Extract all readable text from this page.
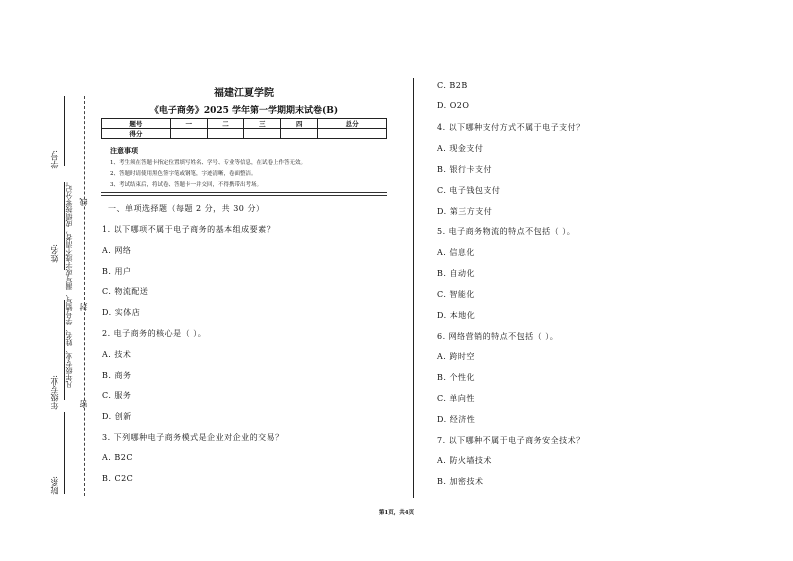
学号:
姓名:
年级专业:
院系:
凡年级专业、姓名、学号错写、漏写或字迹不清者，成绩按零分记。
密
封
线
福建江夏学院
《电子商务》2025 学年第一学期期末试卷(B)
题号	一	二	三	四	总分
得分					
注意事项
1、考生须在答题卡指定位置填写姓名、学号、专业等信息，在试卷上作答无效。
2、答题时请使用黑色签字笔或钢笔，字迹清晰，卷面整洁。
3、考试结束后，将试卷、答题卡一并交回，不得携带出考场。
一、单项选择题（每题 2 分，共 30 分）
1. 以下哪项不属于电子商务的基本组成要素？
A. 网络
B. 用户
C. 物流配送
D. 实体店
2. 电子商务的核心是（ ）。
A. 技术
B. 商务
C. 服务
D. 创新
3. 下列哪种电子商务模式是企业对企业的交易？
A. B2C
B. C2C
C. B2B
D. O2O
4. 以下哪种支付方式不属于电子支付？
A. 现金支付
B. 银行卡支付
C. 电子钱包支付
D. 第三方支付
5. 电子商务物流的特点不包括（ ）。
A. 信息化
B. 自动化
C. 智能化
D. 本地化
6. 网络营销的特点不包括（ ）。
A. 跨时空
B. 个性化
C. 单向性
D. 经济性
7. 以下哪种不属于电子商务安全技术？
A. 防火墙技术
B. 加密技术
第1页，共4页
